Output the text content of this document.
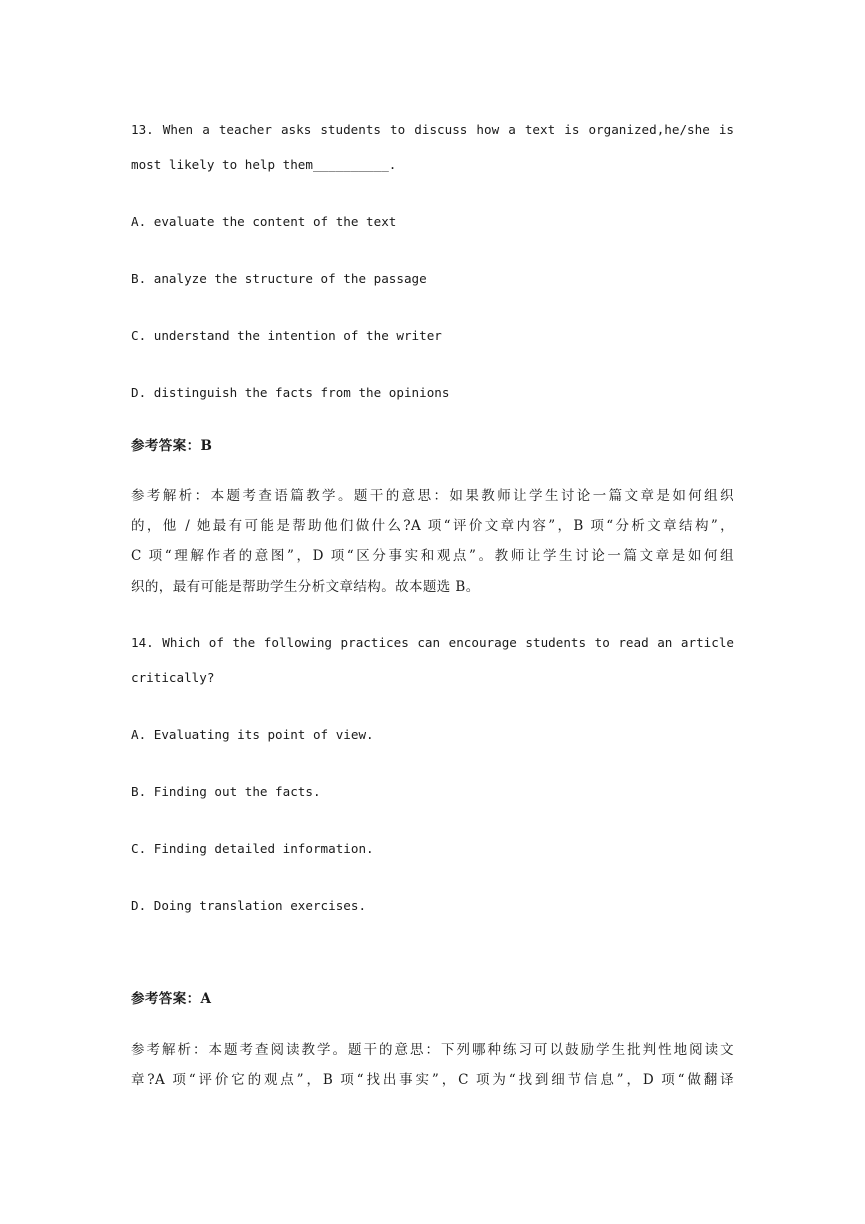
13. When a teacher asks students to discuss how a text is organized,he/she is
most likely to help them__________.
A. evaluate the content of the text
B. analyze the structure of the passage
C. understand the intention of the writer
D. distinguish the facts from the opinions
参考答案：B
参考解析：本题考查语篇教学。题干的意思：如果教师让学生讨论一篇文章是如何组织
的，他 / 她最有可能是帮助他们做什么?A 项“评价文章内容”，B 项“分析文章结构”，
C 项“理解作者的意图”，D 项“区分事实和观点”。教师让学生讨论一篇文章是如何组
织的，最有可能是帮助学生分析文章结构。故本题选 B。
14. Which of the following practices can encourage students to read an article
critically?
A. Evaluating its point of view.
B. Finding out the facts.
C. Finding detailed information.
D. Doing translation exercises.
参考答案：A
参考解析：本题考查阅读教学。题干的意思：下列哪种练习可以鼓励学生批判性地阅读文
章?A 项“评价它的观点”，B 项“找出事实”，C 项为“找到细节信息”，D 项“做翻译
